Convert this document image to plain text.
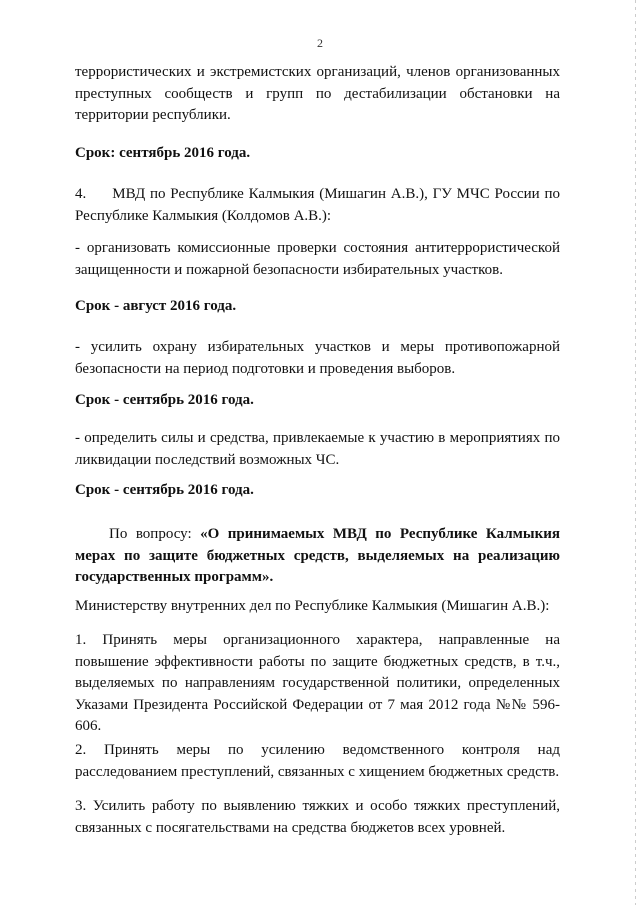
2

террористических и экстремистских организаций, членов организованных преступных сообществ и групп по дестабилизации обстановки на территории республики.

Срок: сентябрь 2016 года.

4. МВД по Республике Калмыкия (Мишагин А.В.), ГУ МЧС России по Республике Калмыкия (Колдомов А.В.):

- организовать комиссионные проверки состояния антитеррористической защищенности и пожарной безопасности избирательных участков.
Срок - август 2016 года.
- усилить охрану избирательных участков и меры противопожарной безопасности на период подготовки и проведения выборов.
Срок - сентябрь 2016 года.
- определить силы и средства, привлекаемые к участию в мероприятиях по ликвидации последствий возможных ЧС.
Срок - сентябрь 2016 года.

По вопросу: «О принимаемых МВД по Республике Калмыкия мерах по защите бюджетных средств, выделяемых на реализацию государственных программ».

Министерству внутренних дел по Республике Калмыкия (Мишагин А.В.):
1. Принять меры организационного характера, направленные на повышение эффективности работы по защите бюджетных средств, в т.ч., выделяемых по направлениям государственной политики, определенных Указами Президента Российской Федерации от 7 мая 2012 года №№ 596-606.
2. Принять меры по усилению ведомственного контроля над расследованием преступлений, связанных с хищением бюджетных средств.
3. Усилить работу по выявлению тяжких и особо тяжких преступлений, связанных с посягательствами на средства бюджетов всех уровней.
